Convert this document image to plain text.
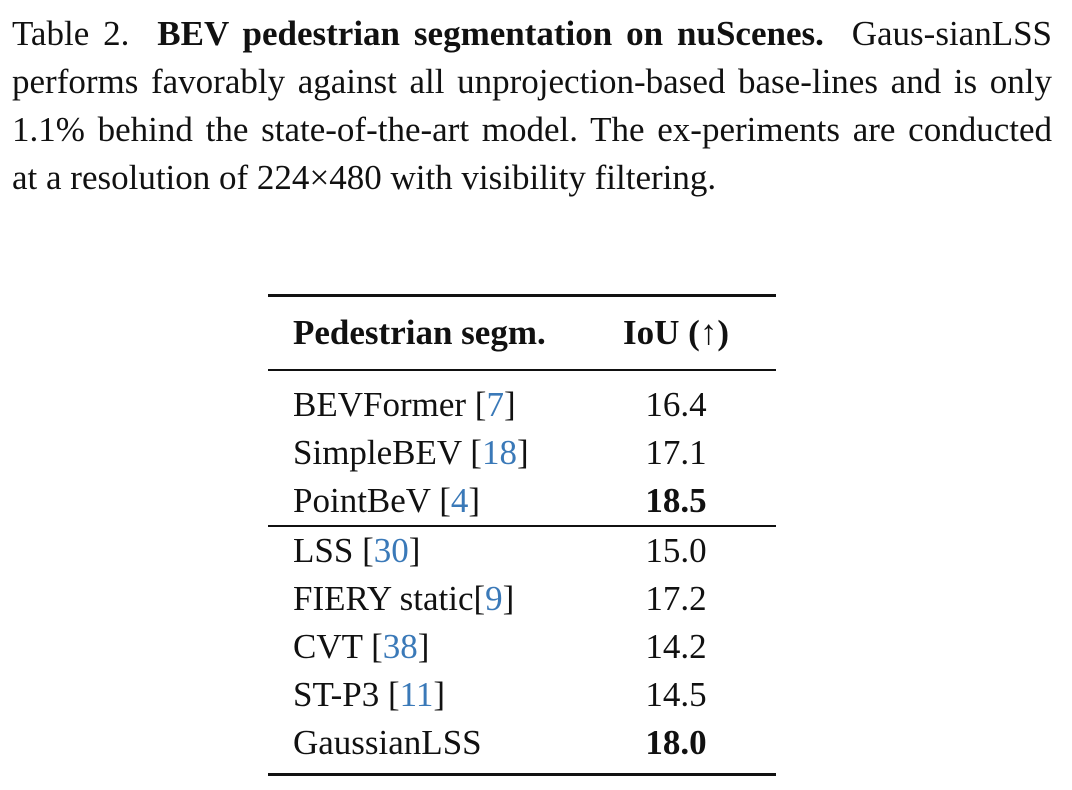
Table 2. BEV pedestrian segmentation on nuScenes. Gaus-sianLSS performs favorably against all unprojection-based base-lines and is only 1.1% behind the state-of-the-art model. The ex-periments are conducted at a resolution of 224×480 with visibility filtering.
Pedestrian segm.	IoU (↑)
BEVFormer [7]	16.4
SimpleBEV [18]	17.1
PointBeV [4]	18.5
LSS [30]	15.0
FIERY static[9]	17.2
CVT [38]	14.2
ST-P3 [11]	14.5
GaussianLSS	18.0
